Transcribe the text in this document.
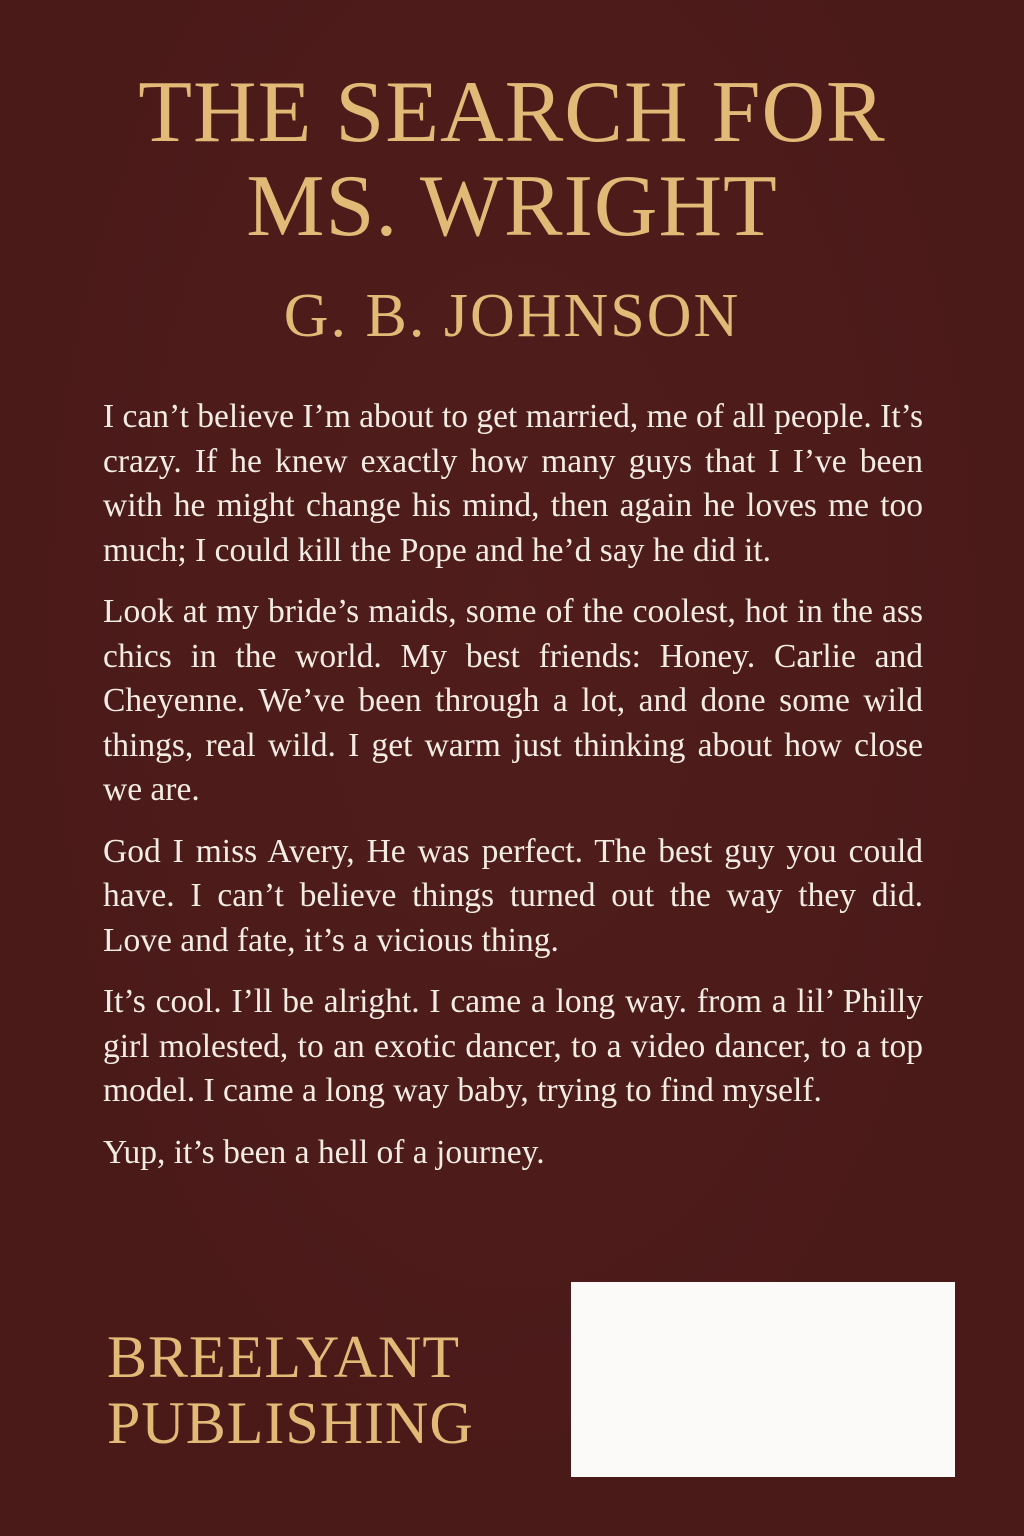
THE SEARCH FOR
MS. WRIGHT
G. B. JOHNSON

I can’t believe I’m about to get married, me of all people. It’s crazy. If he knew exactly how many guys that I I’ve been with he might change his mind, then again he loves me too much; I could kill the Pope and he’d say he did it.

Look at my bride’s maids, some of the coolest, hot in the ass chics in the world. My best friends: Honey. Carlie and Cheyenne. We’ve been through a lot, and done some wild things, real wild. I get warm just thinking about how close we are.

God I miss Avery, He was perfect. The best guy you could have. I can’t believe things turned out the way they did. Love and fate, it’s a vicious thing.

It’s cool. I’ll be alright. I came a long way. from a lil’ Philly girl molested, to an exotic dancer, to a video dancer, to a top model. I came a long way baby, trying to find myself.

Yup, it’s been a hell of a journey.

BREELYANT
PUBLISHING
